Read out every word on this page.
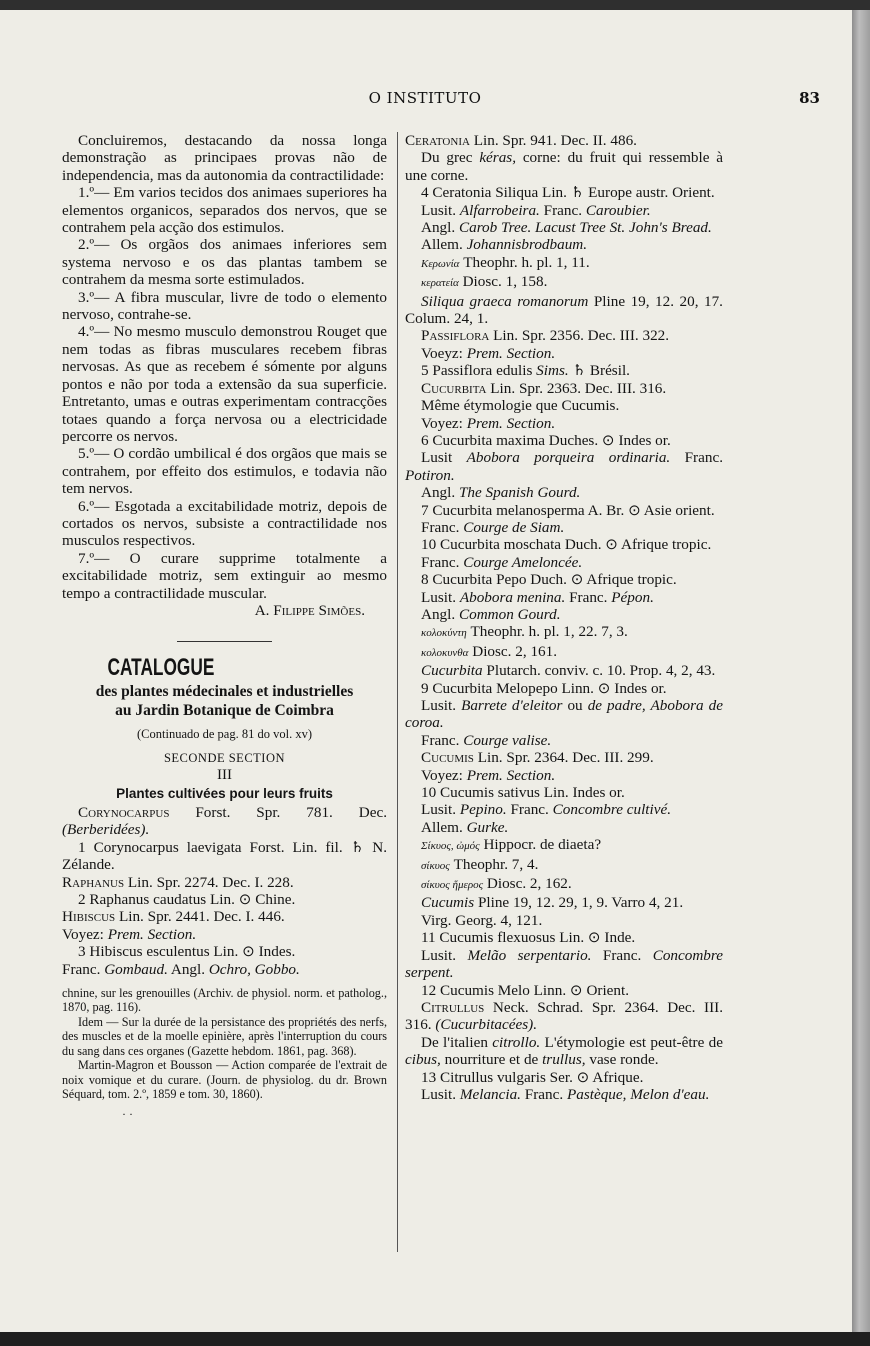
O INSTITUTO	83

Concluiremos, destacando da nossa longa demonstração as principaes provas não de independencia, mas da autonomia da contractilidade:

1.º— Em varios tecidos dos animaes superiores ha elementos organicos, separados dos nervos, que se contrahem pela acção dos estimulos.

2.º— Os orgãos dos animaes inferiores sem systema nervoso e os das plantas tambem se contrahem da mesma sorte estimulados.

3.º— A fibra muscular, livre de todo o elemento nervoso, contrahe-se.

4.º— No mesmo musculo demonstrou Rouget que nem todas as fibras musculares recebem fibras nervosas. As que as recebem é sómente por alguns pontos e não por toda a extensão da sua superficie. Entretanto, umas e outras experimentam contracções totaes quando a força nervosa ou a electricidade percorre os nervos.

5.º— O cordão umbilical é dos orgãos que mais se contrahem, por effeito dos estimulos, e todavia não tem nervos.

6.º— Esgotada a excitabilidade motriz, depois de cortados os nervos, subsiste a contractilidade nos musculos respectivos.

7.º— O curare supprime totalmente a excitabilidade motriz, sem extinguir ao mesmo tempo a contractilidade muscular.

A. Filippe Simões.

CATALOGUE

des plantes médecinales et industrielles

au Jardin Botanique de Coimbra

(Continuado de pag. 81 do vol. xv)

SECONDE SECTION

III

Plantes cultivées pour leurs fruits

Corynocarpus Forst. Spr. 781. Dec. (Berberidées).

1 Corynocarpus laevigata Forst. Lin. fil. ♄ N. Zélande.

Raphanus Lin. Spr. 2274. Dec. I. 228.

2 Raphanus caudatus Lin. ⊙ Chine.

Hibiscus Lin. Spr. 2441. Dec. I. 446.

Voyez: Prem. Section.

3 Hibiscus esculentus Lin. ⊙ Indes.

Franc. Gombaud. Angl. Ochro, Gobbo.

chnine, sur les grenouilles (Archiv. de physiol. norm. et patholog., 1870, pag. 116).

Idem — Sur la durée de la persistance des propriétés des nerfs, des muscles et de la moelle epinière, après l'interruption du cours du sang dans ces organes (Gazette hebdom. 1861, pag. 368).

Martin-Magron et Bousson — Action comparée de l'extrait de noix vomique et du curare. (Journ. de physiolog. du dr. Brown Séquard, tom. 2.º, 1859 e tom. 30, 1860).

· ·

Ceratonia Lin. Spr. 941. Dec. II. 486.

Du grec kéras, corne: du fruit qui ressemble à une corne.

4 Ceratonia Siliqua Lin. ♄ Europe austr. Orient.

Lusit. Alfarrobeira. Franc. Caroubier.

Angl. Carob Tree. Lacust Tree St. John's Bread.

Allem. Johannisbrodbaum.

Κερωνία Theophr. h. pl. 1, 11.

κερατεία Diosc. 1, 158.

Siliqua graeca romanorum Pline 19, 12. 20, 17. Colum. 24, 1.

Passiflora Lin. Spr. 2356. Dec. III. 322.

Voeyz: Prem. Section.

5 Passiflora edulis Sims. ♄ Brésil.

Cucurbita Lin. Spr. 2363. Dec. III. 316.

Même étymologie que Cucumis.

Voyez: Prem. Section.

6 Cucurbita maxima Duches. ⊙ Indes or.

Lusit Abobora porqueira ordinaria. Franc. Potiron.

Angl. The Spanish Gourd.

7 Cucurbita melanosperma A. Br. ⊙ Asie orient.

Franc. Courge de Siam.

10 Cucurbita moschata Duch. ⊙ Afrique tropic.

Franc. Courge Ameloncée.

8 Cucurbita Pepo Duch. ⊙ Afrique tropic.

Lusit. Abobora menina. Franc. Pépon.

Angl. Common Gourd.

κολοκύντη Theophr. h. pl. 1, 22. 7, 3.

κολοκυνθα Diosc. 2, 161.

Cucurbita Plutarch. conviv. c. 10. Prop. 4, 2, 43.

9 Cucurbita Melopepo Linn. ⊙ Indes or.

Lusit. Barrete d'eleitor ou de padre, Abobora de coroa.

Franc. Courge valise.

Cucumis Lin. Spr. 2364. Dec. III. 299.

Voyez: Prem. Section.

10 Cucumis sativus Lin. Indes or.

Lusit. Pepino. Franc. Concombre cultivé.

Allem. Gurke.

Σίκυος, ὠμός Hippocr. de diaeta?

σίκυος Theophr. 7, 4.

σίκυος ἥμερος Diosc. 2, 162.

Cucumis Pline 19, 12. 29, 1, 9. Varro 4, 21.

Virg. Georg. 4, 121.

11 Cucumis flexuosus Lin. ⊙ Inde.

Lusit. Melão serpentario. Franc. Concombre serpent.

12 Cucumis Melo Linn. ⊙ Orient.

Citrullus Neck. Schrad. Spr. 2364. Dec. III. 316. (Cucurbitacées).

De l'italien citrollo. L'étymologie est peut-être de cibus, nourriture et de trullus, vase ronde.

13 Citrullus vulgaris Ser. ⊙ Afrique.

Lusit. Melancia. Franc. Pastèque, Melon d'eau.
